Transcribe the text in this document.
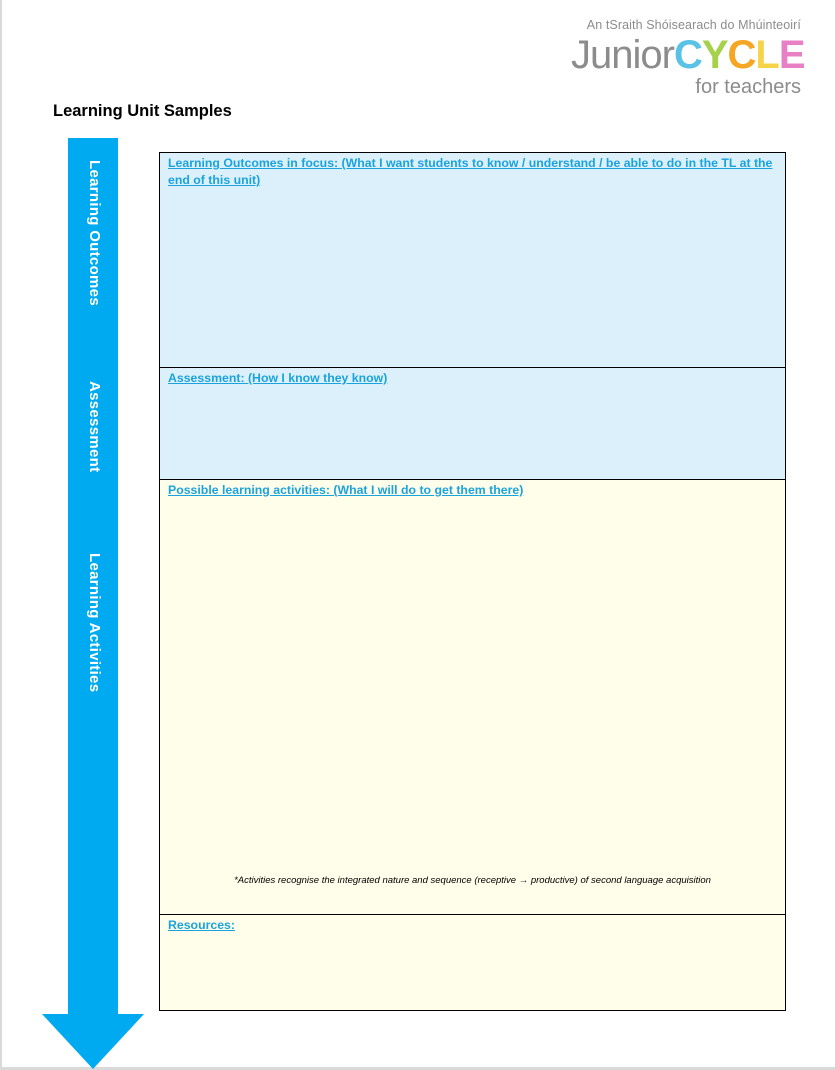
An tSraith Shóisearach do Mhúinteoirí
JuniorCYCLE
for teachers
Learning Unit Samples
Learning Outcomes
Assessment
Learning Activities
Learning Outcomes in focus: (What I want students to know / understand / be able to do in the TL at the end of this unit)
Assessment: (How I know they know)
Possible learning activities: (What I will do to get them there)
*Activities recognise the integrated nature and sequence (receptive → productive) of second language acquisition
Resources:
